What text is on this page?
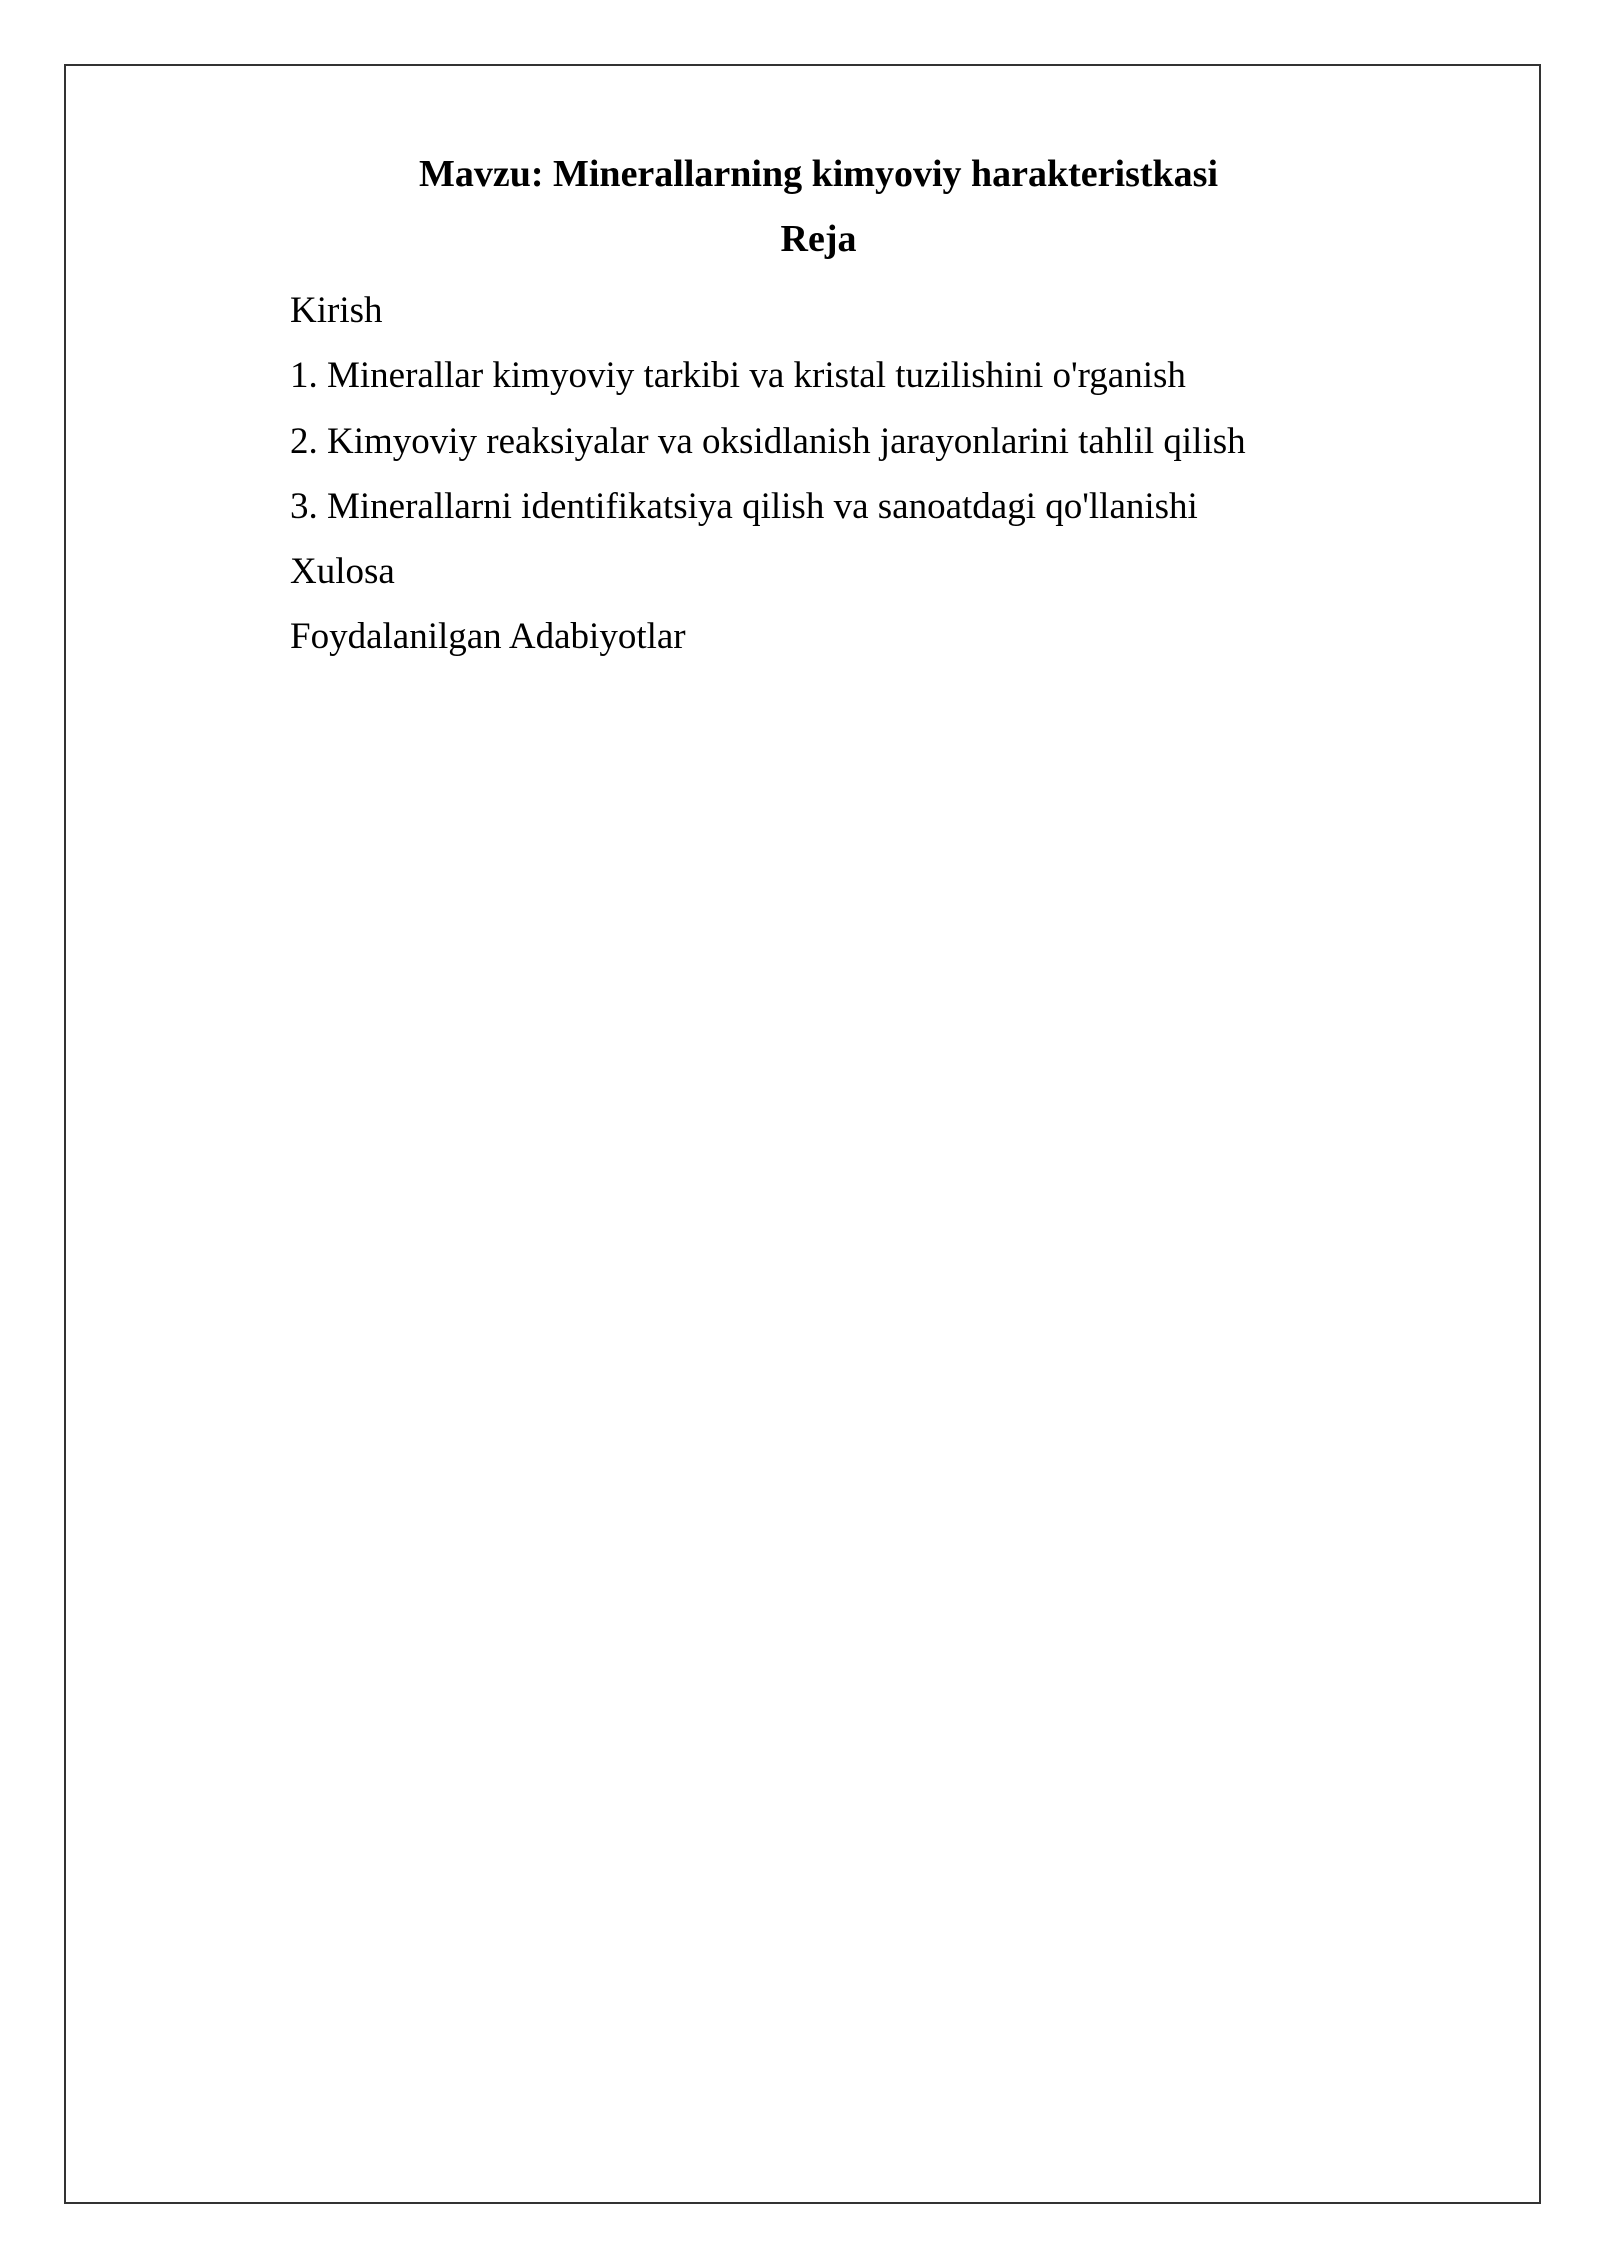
Mavzu: Minerallarning kimyoviy harakteristkasi
Reja
Kirish
1. Minerallar kimyoviy tarkibi va kristal tuzilishini o'rganish
2. Kimyoviy reaksiyalar va oksidlanish jarayonlarini tahlil qilish
3. Minerallarni identifikatsiya qilish va sanoatdagi qo'llanishi
Xulosa
Foydalanilgan Adabiyotlar
